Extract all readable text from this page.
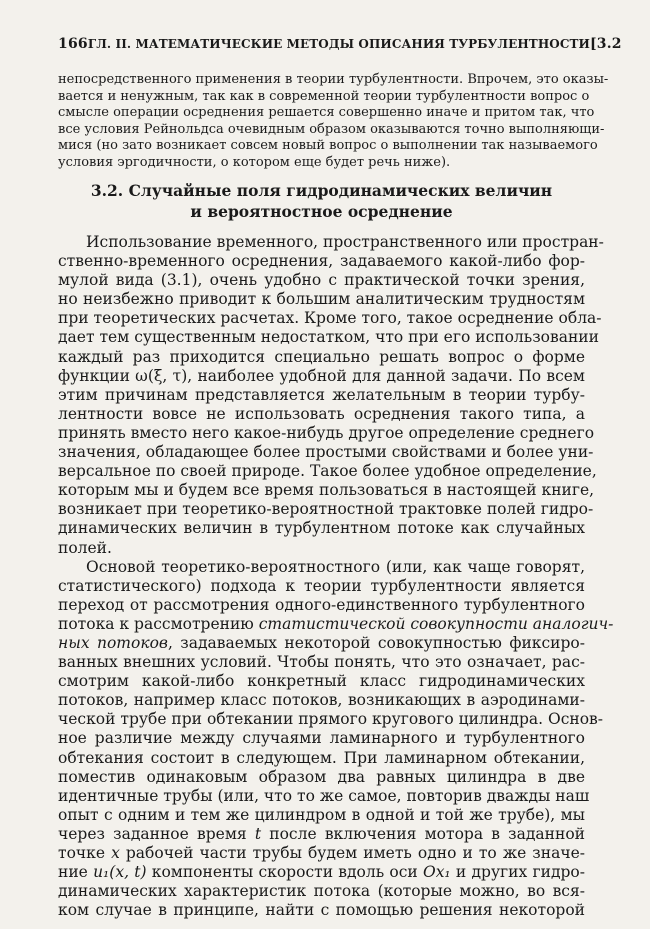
166 ГЛ. II. МАТЕМАТИЧЕСКИЕ МЕТОДЫ ОПИСАНИЯ ТУРБУЛЕНТНОСТИ [3.2
непосредственного применения в теории турбулентности. Впрочем, это оказы-
вается и ненужным, так как в современной теории турбулентности вопрос о
смысле операции осреднения решается совершенно иначе и притом так, что
все условия Рейнольдса очевидным образом оказываются точно выполняющи-
мися (но зато возникает совсем новый вопрос о выполнении так называемого
условия эргодичности, о котором еще будет речь ниже).
3.2. Случайные поля гидродинамических величин
и вероятностное осреднение
Использование временного, пространственного или простран-
ственно-временного осреднения, задаваемого какой-либо фор-
мулой вида (3.1), очень удобно с практической точки зрения,
но неизбежно приводит к большим аналитическим трудностям
при теоретических расчетах. Кроме того, такое осреднение обла-
дает тем существенным недостатком, что при его использовании
каждый раз приходится специально решать вопрос о форме
функции ω(ξ, τ), наиболее удобной для данной задачи. По всем
этим причинам представляется желательным в теории турбу-
лентности вовсе не использовать осреднения такого типа, а
принять вместо него какое-нибудь другое определение среднего
значения, обладающее более простыми свойствами и более уни-
версальное по своей природе. Такое более удобное определение,
которым мы и будем все время пользоваться в настоящей книге,
возникает при теоретико-вероятностной трактовке полей гидро-
динамических величин в турбулентном потоке как случайных
полей.
Основой теоретико-вероятностного (или, как чаще говорят,
статистического) подхода к теории турбулентности является
переход от рассмотрения одного-единственного турбулентного
потока к рассмотрению статистической совокупности аналогич-
ных потоков, задаваемых некоторой совокупностью фиксиро-
ванных внешних условий. Чтобы понять, что это означает, рас-
смотрим какой-либо конкретный класс гидродинамических
потоков, например класс потоков, возникающих в аэродинами-
ческой трубе при обтекании прямого кругового цилиндра. Основ-
ное различие между случаями ламинарного и турбулентного
обтекания состоит в следующем. При ламинарном обтекании,
поместив одинаковым образом два равных цилиндра в две
идентичные трубы (или, что то же самое, повторив дважды наш
опыт с одним и тем же цилиндром в одной и той же трубе), мы
через заданное время t после включения мотора в заданной
точке x рабочей части трубы будем иметь одно и то же значе-
ние u₁(x, t) компоненты скорости вдоль оси Ox₁ и других гидро-
динамических характеристик потока (которые можно, во вся-
ком случае в принципе, найти с помощью решения некоторой
